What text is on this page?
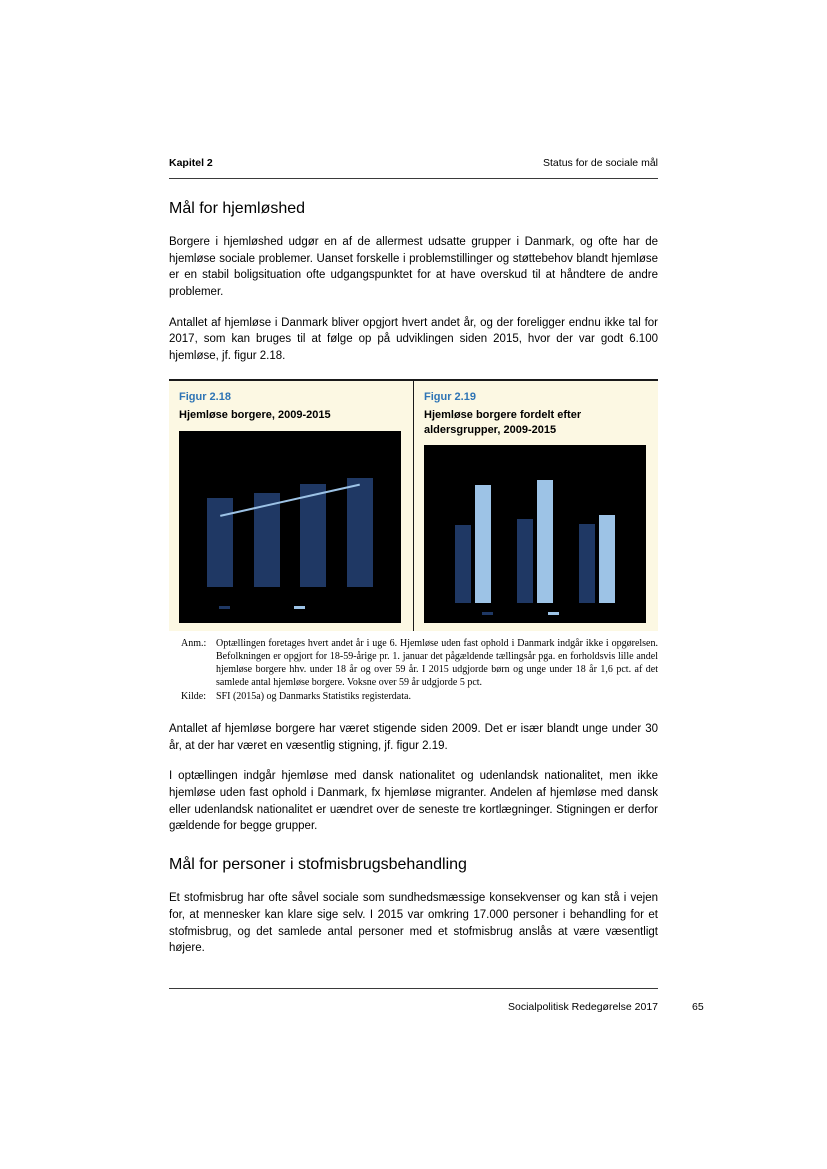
Kapitel 2	Status for de sociale mål
Mål for hjemløshed

Borgere i hjemløshed udgør en af de allermest udsatte grupper i Danmark, og ofte har de hjemløse sociale problemer. Uanset forskelle i problemstillinger og støttebehov blandt hjemløse er en stabil boligsituation ofte udgangspunktet for at have overskud til at håndtere de andre problemer.

Antallet af hjemløse i Danmark bliver opgjort hvert andet år, og der foreligger endnu ikke tal for 2017, som kan bruges til at følge op på udviklingen siden 2015, hvor der var godt 6.100 hjemløse, jf. figur 2.18.

Figur 2.18
Hjemløse borgere, 2009-2015
Figur 2.19
Hjemløse borgere fordelt efter aldersgrupper, 2009-2015
Anm.: Optællingen foretages hvert andet år i uge 6. Hjemløse uden fast ophold i Danmark indgår ikke i opgørelsen. Befolkningen er opgjort for 18-59-årige pr. 1. januar det pågældende tællingsår pga. en forholdsvis lille andel hjemløse borgere hhv. under 18 år og over 59 år. I 2015 udgjorde børn og unge under 18 år 1,6 pct. af det samlede antal hjemløse borgere. Voksne over 59 år udgjorde 5 pct.
Kilde:	SFI (2015a) og Danmarks Statistiks registerdata.

Antallet af hjemløse borgere har været stigende siden 2009. Det er især blandt unge under 30 år, at der har været en væsentlig stigning, jf. figur 2.19.

I optællingen indgår hjemløse med dansk nationalitet og udenlandsk nationalitet, men ikke hjemløse uden fast ophold i Danmark, fx hjemløse migranter. Andelen af hjemløse med dansk eller udenlandsk nationalitet er uændret over de seneste tre kortlægninger. Stigningen er derfor gældende for begge grupper.

Mål for personer i stofmisbrugsbehandling

Et stofmisbrug har ofte såvel sociale som sundhedsmæssige konsekvenser og kan stå i vejen for, at mennesker kan klare sige selv. I 2015 var omkring 17.000 personer i behandling for et stofmisbrug, og det samlede antal personer med et stofmisbrug anslås at være væsentligt højere.

Socialpolitisk Redegørelse 2017	65
